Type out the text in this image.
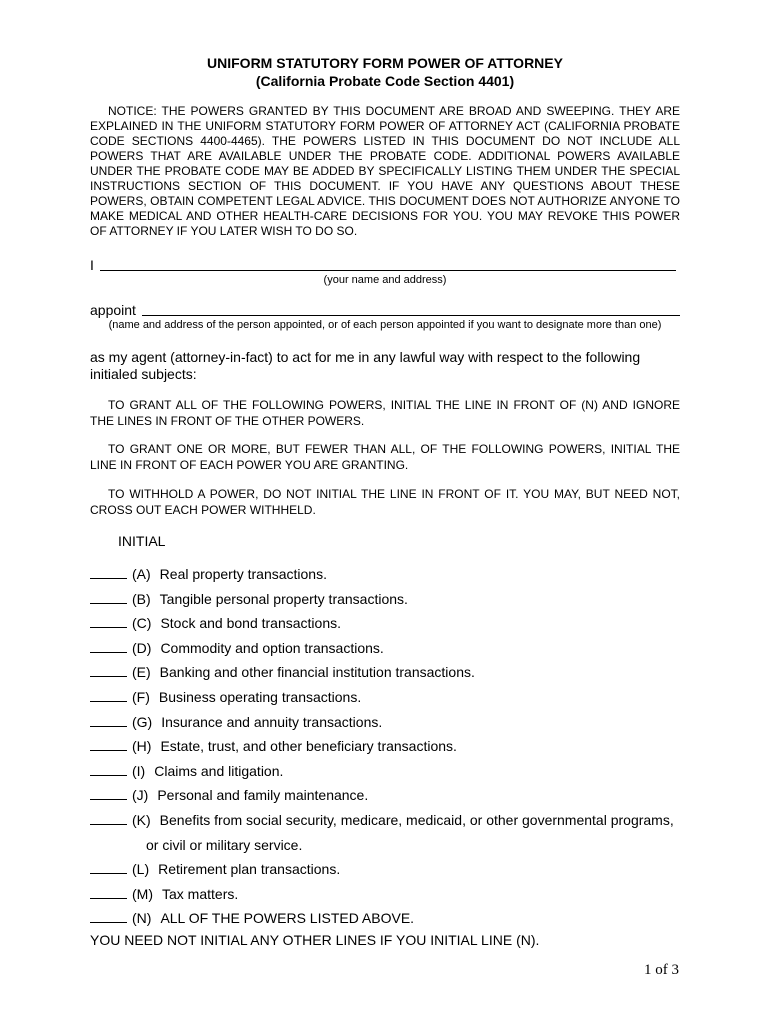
UNIFORM STATUTORY FORM POWER OF ATTORNEY
(California Probate Code Section 4401)

NOTICE: THE POWERS GRANTED BY THIS DOCUMENT ARE BROAD AND SWEEPING. THEY ARE EXPLAINED IN THE UNIFORM STATUTORY FORM POWER OF ATTORNEY ACT (CALIFORNIA PROBATE CODE SECTIONS 4400-4465). THE POWERS LISTED IN THIS DOCUMENT DO NOT INCLUDE ALL POWERS THAT ARE AVAILABLE UNDER THE PROBATE CODE. ADDITIONAL POWERS AVAILABLE UNDER THE PROBATE CODE MAY BE ADDED BY SPECIFICALLY LISTING THEM UNDER THE SPECIAL INSTRUCTIONS SECTION OF THIS DOCUMENT. IF YOU HAVE ANY QUESTIONS ABOUT THESE POWERS, OBTAIN COMPETENT LEGAL ADVICE. THIS DOCUMENT DOES NOT AUTHORIZE ANYONE TO MAKE MEDICAL AND OTHER HEALTH-CARE DECISIONS FOR YOU. YOU MAY REVOKE THIS POWER OF ATTORNEY IF YOU LATER WISH TO DO SO.

I
(your name and address)
appoint
(name and address of the person appointed, or of each person appointed if you want to designate more than one)

as my agent (attorney-in-fact) to act for me in any lawful way with respect to the following initialed subjects:

TO GRANT ALL OF THE FOLLOWING POWERS, INITIAL THE LINE IN FRONT OF (N) AND IGNORE THE LINES IN FRONT OF THE OTHER POWERS.

TO GRANT ONE OR MORE, BUT FEWER THAN ALL, OF THE FOLLOWING POWERS, INITIAL THE LINE IN FRONT OF EACH POWER YOU ARE GRANTING.

TO WITHHOLD A POWER, DO NOT INITIAL THE LINE IN FRONT OF IT. YOU MAY, BUT NEED NOT, CROSS OUT EACH POWER WITHHELD.

INITIAL
(A) Real property transactions.
(B) Tangible personal property transactions.
(C) Stock and bond transactions.
(D) Commodity and option transactions.
(E) Banking and other financial institution transactions.
(F) Business operating transactions.
(G) Insurance and annuity transactions.
(H) Estate, trust, and other beneficiary transactions.
(I) Claims and litigation.
(J) Personal and family maintenance.
(K) Benefits from social security, medicare, medicaid, or other governmental programs,
or civil or military service.
(L) Retirement plan transactions.
(M) Tax matters.
(N) ALL OF THE POWERS LISTED ABOVE.
YOU NEED NOT INITIAL ANY OTHER LINES IF YOU INITIAL LINE (N).
1 of 3
